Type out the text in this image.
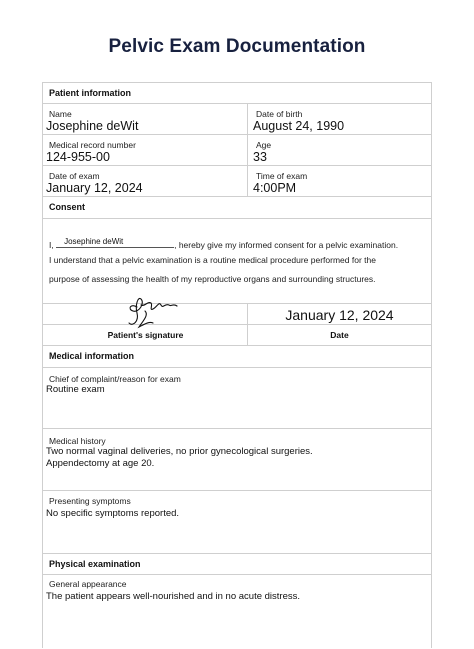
Pelvic Exam Documentation
Patient information
Name
Josephine deWit
Date of birth
August 24, 1990
Medical record number
124-955-00
Age
33
Date of exam
January 12, 2024
Time of exam
4:00PM
Consent
I, Josephine deWit	, hereby give my informed consent for a pelvic examination.
I understand that a pelvic examination is a routine medical procedure performed for the
purpose of assessing the health of my reproductive organs and surrounding structures.
January 12, 2024
Patient's signature	Date
Medical information
Chief of complaint/reason for exam
Routine exam
Medical history
Two normal vaginal deliveries, no prior gynecological surgeries.
Appendectomy at age 20.
Presenting symptoms
No specific symptoms reported.
Physical examination
General appearance
The patient appears well-nourished and in no acute distress.
